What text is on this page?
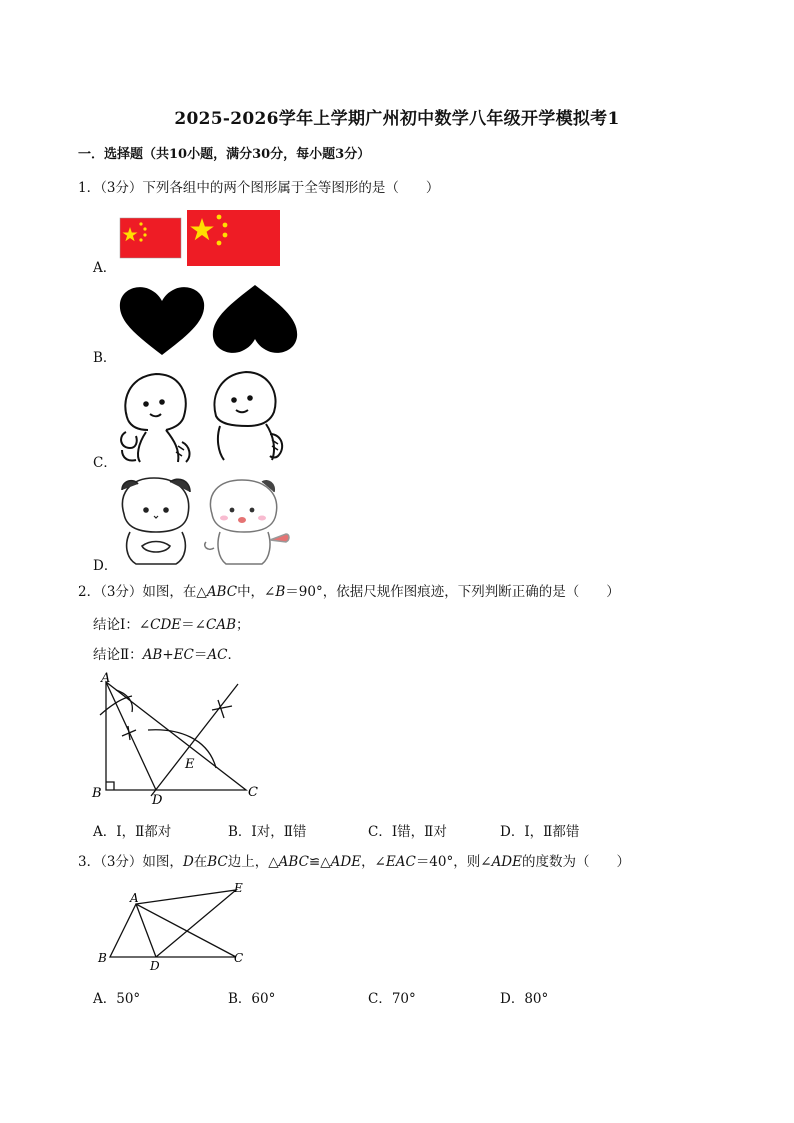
2025-2026学年上学期广州初中数学八年级开学模拟考1
一．选择题（共10小题，满分30分，每小题3分）
1．（3分）下列各组中的两个图形属于全等图形的是（　　）
A．
B．
C．
D．
2．（3分）如图，在△ABC中，∠B＝90°，依据尺规作图痕迹，下列判断正确的是（　　）
结论Ⅰ：∠CDE＝∠CAB；
结论Ⅱ：AB+EC＝AC．
A
B	C
D
E
A．Ⅰ，Ⅱ都对	B．Ⅰ对，Ⅱ错	C．Ⅰ错，Ⅱ对	D．Ⅰ，Ⅱ都错
3．（3分）如图，D在BC边上，△ABC≌△ADE，∠EAC＝40°，则∠ADE的度数为（　　）
A
B	C
D
E
A．50°	B．60°	C．70°	D．80°
